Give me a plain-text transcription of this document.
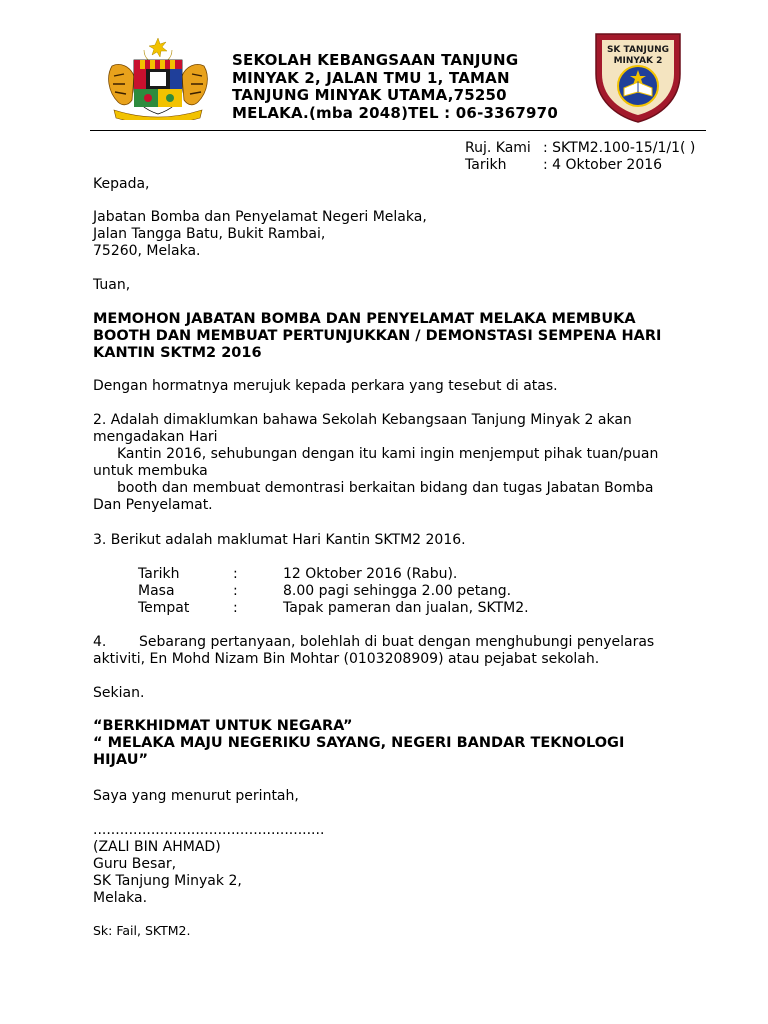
SEKOLAH KEBANGSAAN TANJUNG
MINYAK 2, JALAN TMU 1, TAMAN
TANJUNG MINYAK UTAMA,75250
MELAKA.(mba 2048)TEL : 06-3367970
SK TANJUNG
MINYAK 2
Ruj. Kami : SKTM2.100-15/1/1( )
Tarikh	: 4 Oktober 2016
Kepada,
Jabatan Bomba dan Penyelamat Negeri Melaka,
Jalan Tangga Batu, Bukit Rambai,
75260, Melaka.
Tuan,
MEMOHON JABATAN BOMBA DAN PENYELAMAT MELAKA MEMBUKA
BOOTH DAN MEMBUAT PERTUNJUKKAN / DEMONSTASI SEMPENA HARI
KANTIN SKTM2 2016
Dengan hormatnya merujuk kepada perkara yang tesebut di atas.
2. Adalah dimaklumkan bahawa Sekolah Kebangsaan Tanjung Minyak 2 akan
mengadakan Hari
Kantin 2016, sehubungan dengan itu kami ingin menjemput pihak tuan/puan
untuk membuka
booth dan membuat demontrasi berkaitan bidang dan tugas Jabatan Bomba
Dan Penyelamat.
3. Berikut adalah maklumat Hari Kantin SKTM2 2016.
Tarikh	:	12 Oktober 2016 (Rabu).
Masa	:	8.00 pagi sehingga 2.00 petang.
Tempat	:	Tapak pameran dan jualan, SKTM2.
4. Sebarang pertanyaan, bolehlah di buat dengan menghubungi penyelaras
aktiviti, En Mohd Nizam Bin Mohtar (0103208909) atau pejabat sekolah.
Sekian.
“BERKHIDMAT UNTUK NEGARA”
“ MELAKA MAJU NEGERIKU SAYANG, NEGERI BANDAR TEKNOLOGI
HIJAU”
Saya yang menurut perintah,
....................................................
(ZALI BIN AHMAD)
Guru Besar,
SK Tanjung Minyak 2,
Melaka.
Sk: Fail, SKTM2.
